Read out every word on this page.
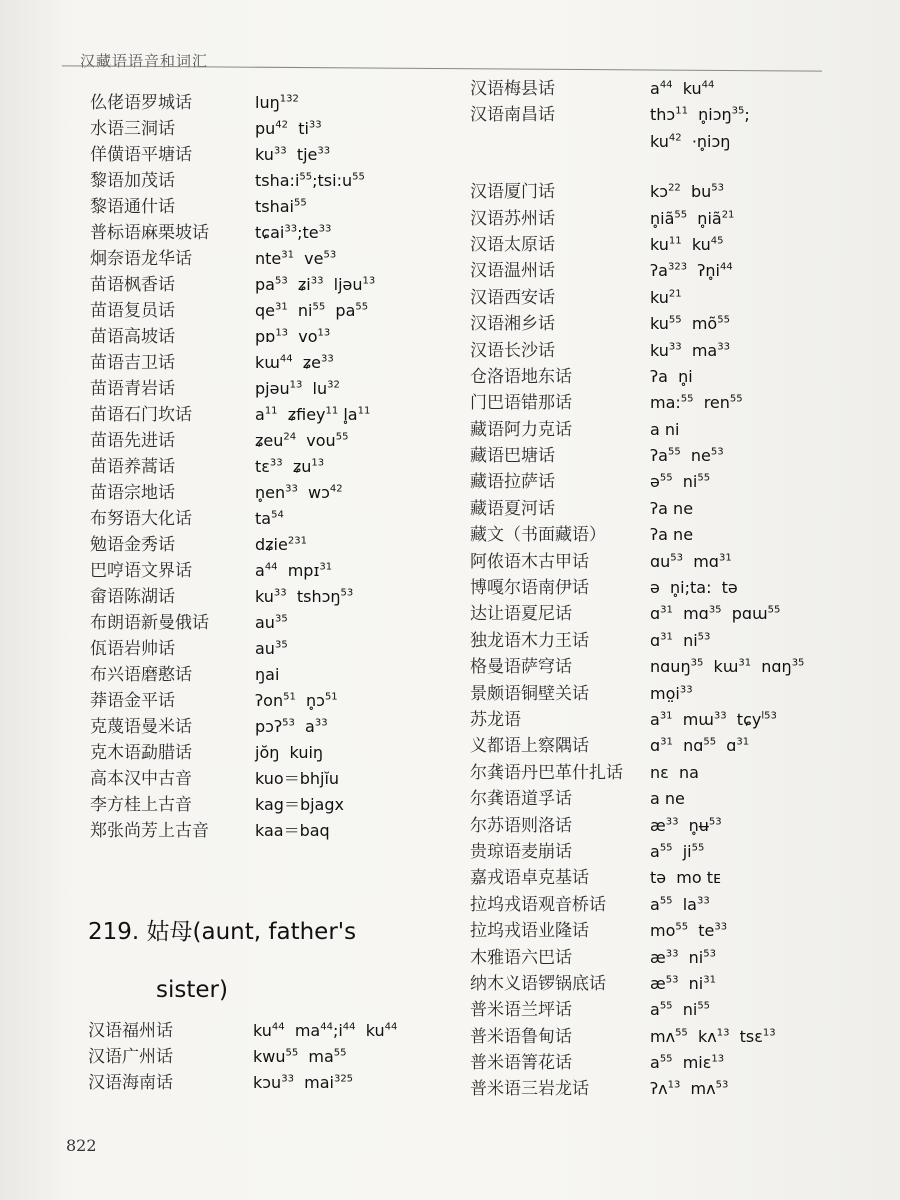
汉藏语语音和词汇
仫佬语罗城话	luŋ$^{132}$
水语三洞话	$pu^{42}$  $ti^{33}$
佯僙语平塘话	$ku^{33}$  tje$^{33}$
黎语加茂话	$tsha:i^{55};tsi:u^{55}$
黎语通什话	tshai$^{55}$
普标语麻栗坡话	$tɕai^{33};te^{33}$
炯奈语龙华话	nte$^{31}$  $ve^{53}$
苗语枫香话	$pa^{53}$  ʑi$^{33}$  ljəu$^{13}$
苗语复员话	$qe^{31}$  $ni^{55}$  $pa^{55}$
苗语高坡话	pɒ$^{13}$  $vo^{13}$
苗语吉卫话	kɯ$^{44}$  ʑe$^{33}$
苗语青岩话	pjəu$^{13}$  $lu^{32}$
苗语石门坎话	$a^{11}$  ʑfiey$^{11}$ $l̥a^{11}$
苗语先进话	ʑeu$^{24}$  vou$^{55}$
苗语养蒿话	tɛ$^{33}$  ʑu$^{13}$
苗语宗地话	$n̥en^{33}$  wɔ$^{42}$
布努语大化话	$ta^{54}$
勉语金秀话	dʑie$^{231}$
巴哼语文界话	$a^{44}$  mpɪ$^{31}$
畲语陈湖话	$ku^{33}$  tshɔŋ$^{53}$
布朗语新曼俄话	$au^{35}$
佤语岩帅话	$au^{35}$
布兴语磨憨话	ŋai
莽语金平话	ʔon$^{51}$  n̥ɔ$^{51}$
克蔑语曼米话	pɔʔ$^{53}$  $a^{33}$
克木语勐腊话	jŏŋ  kuiŋ
高本汉中古音	kuo＝bhjĭu
李方桂上古音	kag＝bjagx
郑张尚芳上古音	kaa＝baq
219. 姑母(aunt, father's
sister)
汉语福州话	$ku^{44}$  $ma^{44};i^{44}$  $ku^{44}$
汉语广州话	kwu$^{55}$  $ma^{55}$
汉语海南话	kɔu$^{33}$  mai$^{325}$
汉语梅县话	$a^{44}$  $ku^{44}$
汉语南昌话	thɔ$^{11}$  n̥iɔŋ$^{35}$;
$ku^{42}$  ·n̥iɔŋ
汉语厦门话	kɔ$^{22}$  $bu^{53}$
汉语苏州话	$n̥iã^{55}$  $n̥iã^{21}$
汉语太原话	$ku^{11}$  $ku^{45}$
汉语温州话	ʔa$^{323}$  $ʔn̥i^{44}$
汉语西安话	$ku^{21}$
汉语湘乡话	$ku^{55}$  $mõ^{55}$
汉语长沙话	$ku^{33}$  $ma^{33}$
仓洛语地东话	ʔa  n̥i
门巴语错那话	ma:$^{55}$  ren$^{55}$
藏语阿力克话	a ni
藏语巴塘话	ʔa$^{55}$  $ne^{53}$
藏语拉萨话	ə$^{55}$  $ni^{55}$
藏语夏河话	ʔa ne
藏文（书面藏语）	ʔa ne
阿侬语木古甲话	ɑu$^{53}$  mɑ$^{31}$
博嘎尔语南伊话	ə  n̥i;ta:  tə
达让语夏尼话	ɑ$^{31}$  mɑ$^{35}$  pɑɯ$^{55}$
独龙语木力王话	ɑ$^{31}$  $ni^{53}$
格曼语萨穹话	nɑuŋ$^{35}$  kɯ$^{31}$  nɑŋ$^{35}$
景颇语铜壁关话	$mo̤i^{33}$
苏龙语	$a^{31}$  mɯ$^{33}$  tɕy$^{l53}$
义都语上察隅话	ɑ$^{31}$  nɑ$^{55}$  ɑ$^{31}$
尔龚语丹巴革什扎话	nɛ  na
尔龚语道孚话	a ne
尔苏语则洛话	$æ^{33}$  n̥ʉ$^{53}$
贵琼语麦崩话	$a^{55}$  $ji^{55}$
嘉戎语卓克基话	tə  mo tᴇ
拉坞戎语观音桥话	$a^{55}$  $la^{33}$
拉坞戎语业隆话	$mo^{55}$  $te^{33}$
木雅语六巴话	$æ^{33}$  $ni^{53}$
纳木义语锣锅底话	$æ^{53}$  $ni^{31}$
普米语兰坪话	$a^{55}$  $ni^{55}$
普米语鲁甸话	mʌ$^{55}$  kʌ$^{13}$  tsɛ$^{13}$
普米语箐花话	$a^{55}$  miɛ$^{13}$
普米语三岩龙话	ʔʌ$^{13}$  mʌ$^{53}$
822
